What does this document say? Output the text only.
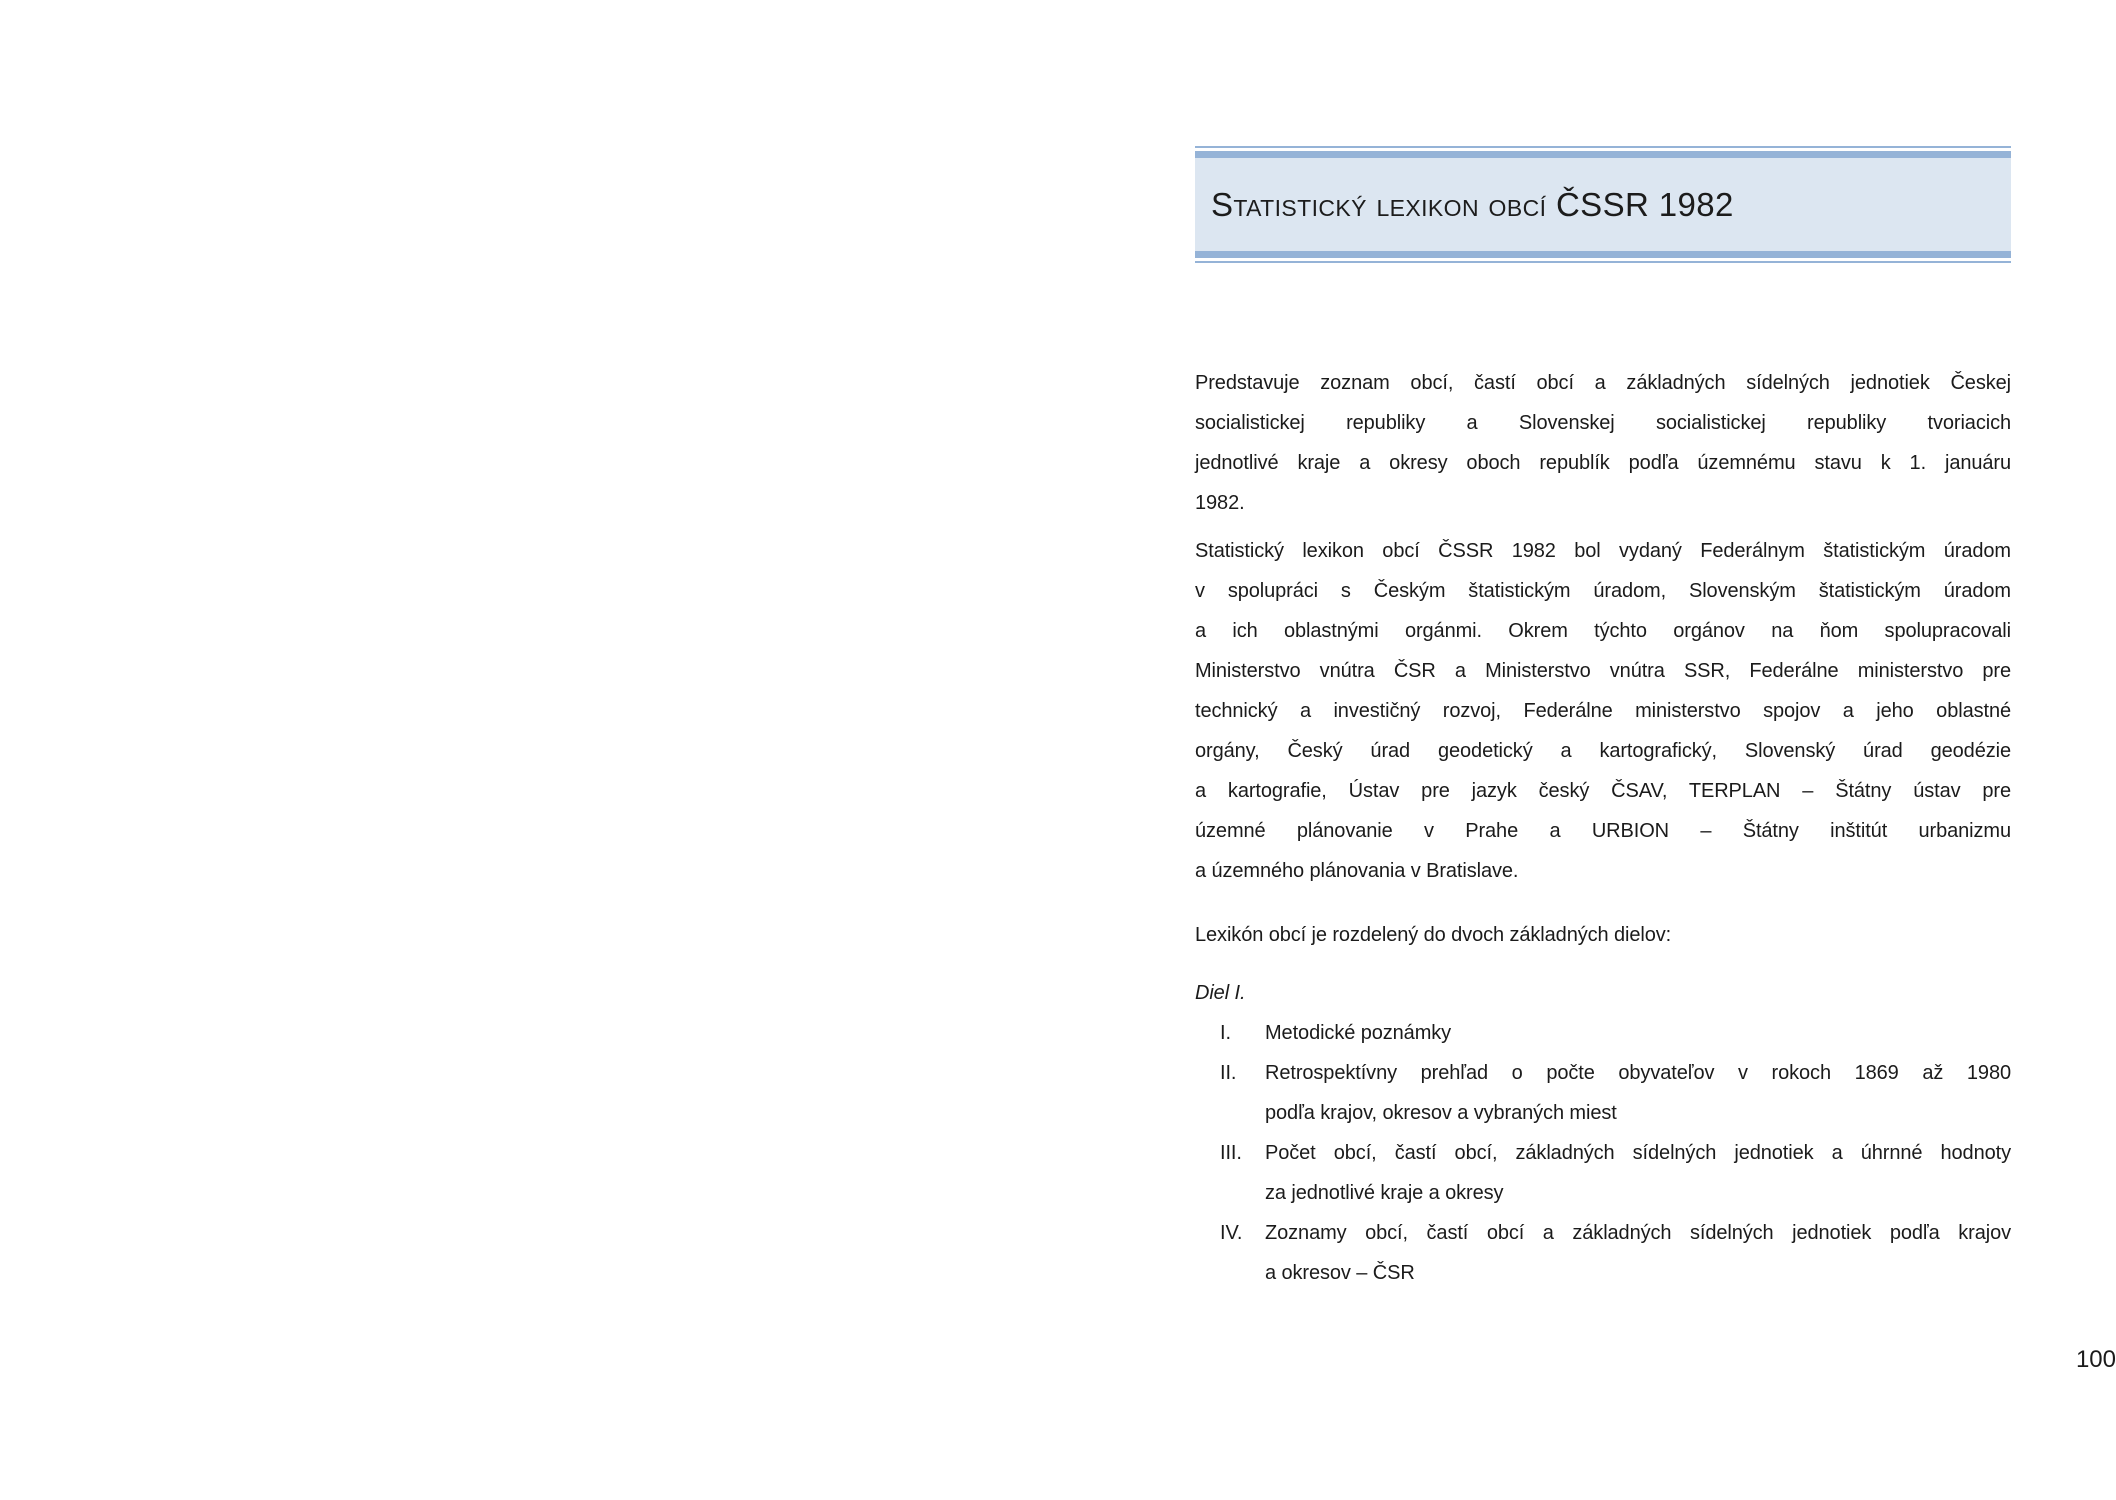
Statistický lexikon obcí ČSSR 1982
Predstavuje zoznam obcí, častí obcí a základných sídelných jednotiek Českej
socialistickej republiky a Slovenskej socialistickej republiky tvoriacich
jednotlivé kraje a okresy oboch republík podľa územnému stavu k 1. januáru
1982.
Statistický lexikon obcí ČSSR 1982 bol vydaný Federálnym štatistickým úradom
v spolupráci s Českým štatistickým úradom, Slovenským štatistickým úradom
a ich oblastnými orgánmi. Okrem týchto orgánov na ňom spolupracovali
Ministerstvo vnútra ČSR a Ministerstvo vnútra SSR, Federálne ministerstvo pre
technický a investičný rozvoj, Federálne ministerstvo spojov a jeho oblastné
orgány, Český úrad geodetický a kartografický, Slovenský úrad geodézie
a kartografie, Ústav pre jazyk český ČSAV, TERPLAN – Štátny ústav pre
územné plánovanie v Prahe a URBION – Štátny inštitút urbanizmu
a územného plánovania v Bratislave.
Lexikón obcí je rozdelený do dvoch základných dielov:
Diel I.
I. Metodické poznámky
II. Retrospektívny prehľad o počte obyvateľov v rokoch 1869 až 1980
podľa krajov, okresov a vybraných miest
III. Počet obcí, častí obcí, základných sídelných jednotiek a úhrnné hodnoty
za jednotlivé kraje a okresy
IV. Zoznamy obcí, častí obcí a základných sídelných jednotiek podľa krajov
a okresov – ČSR
100
